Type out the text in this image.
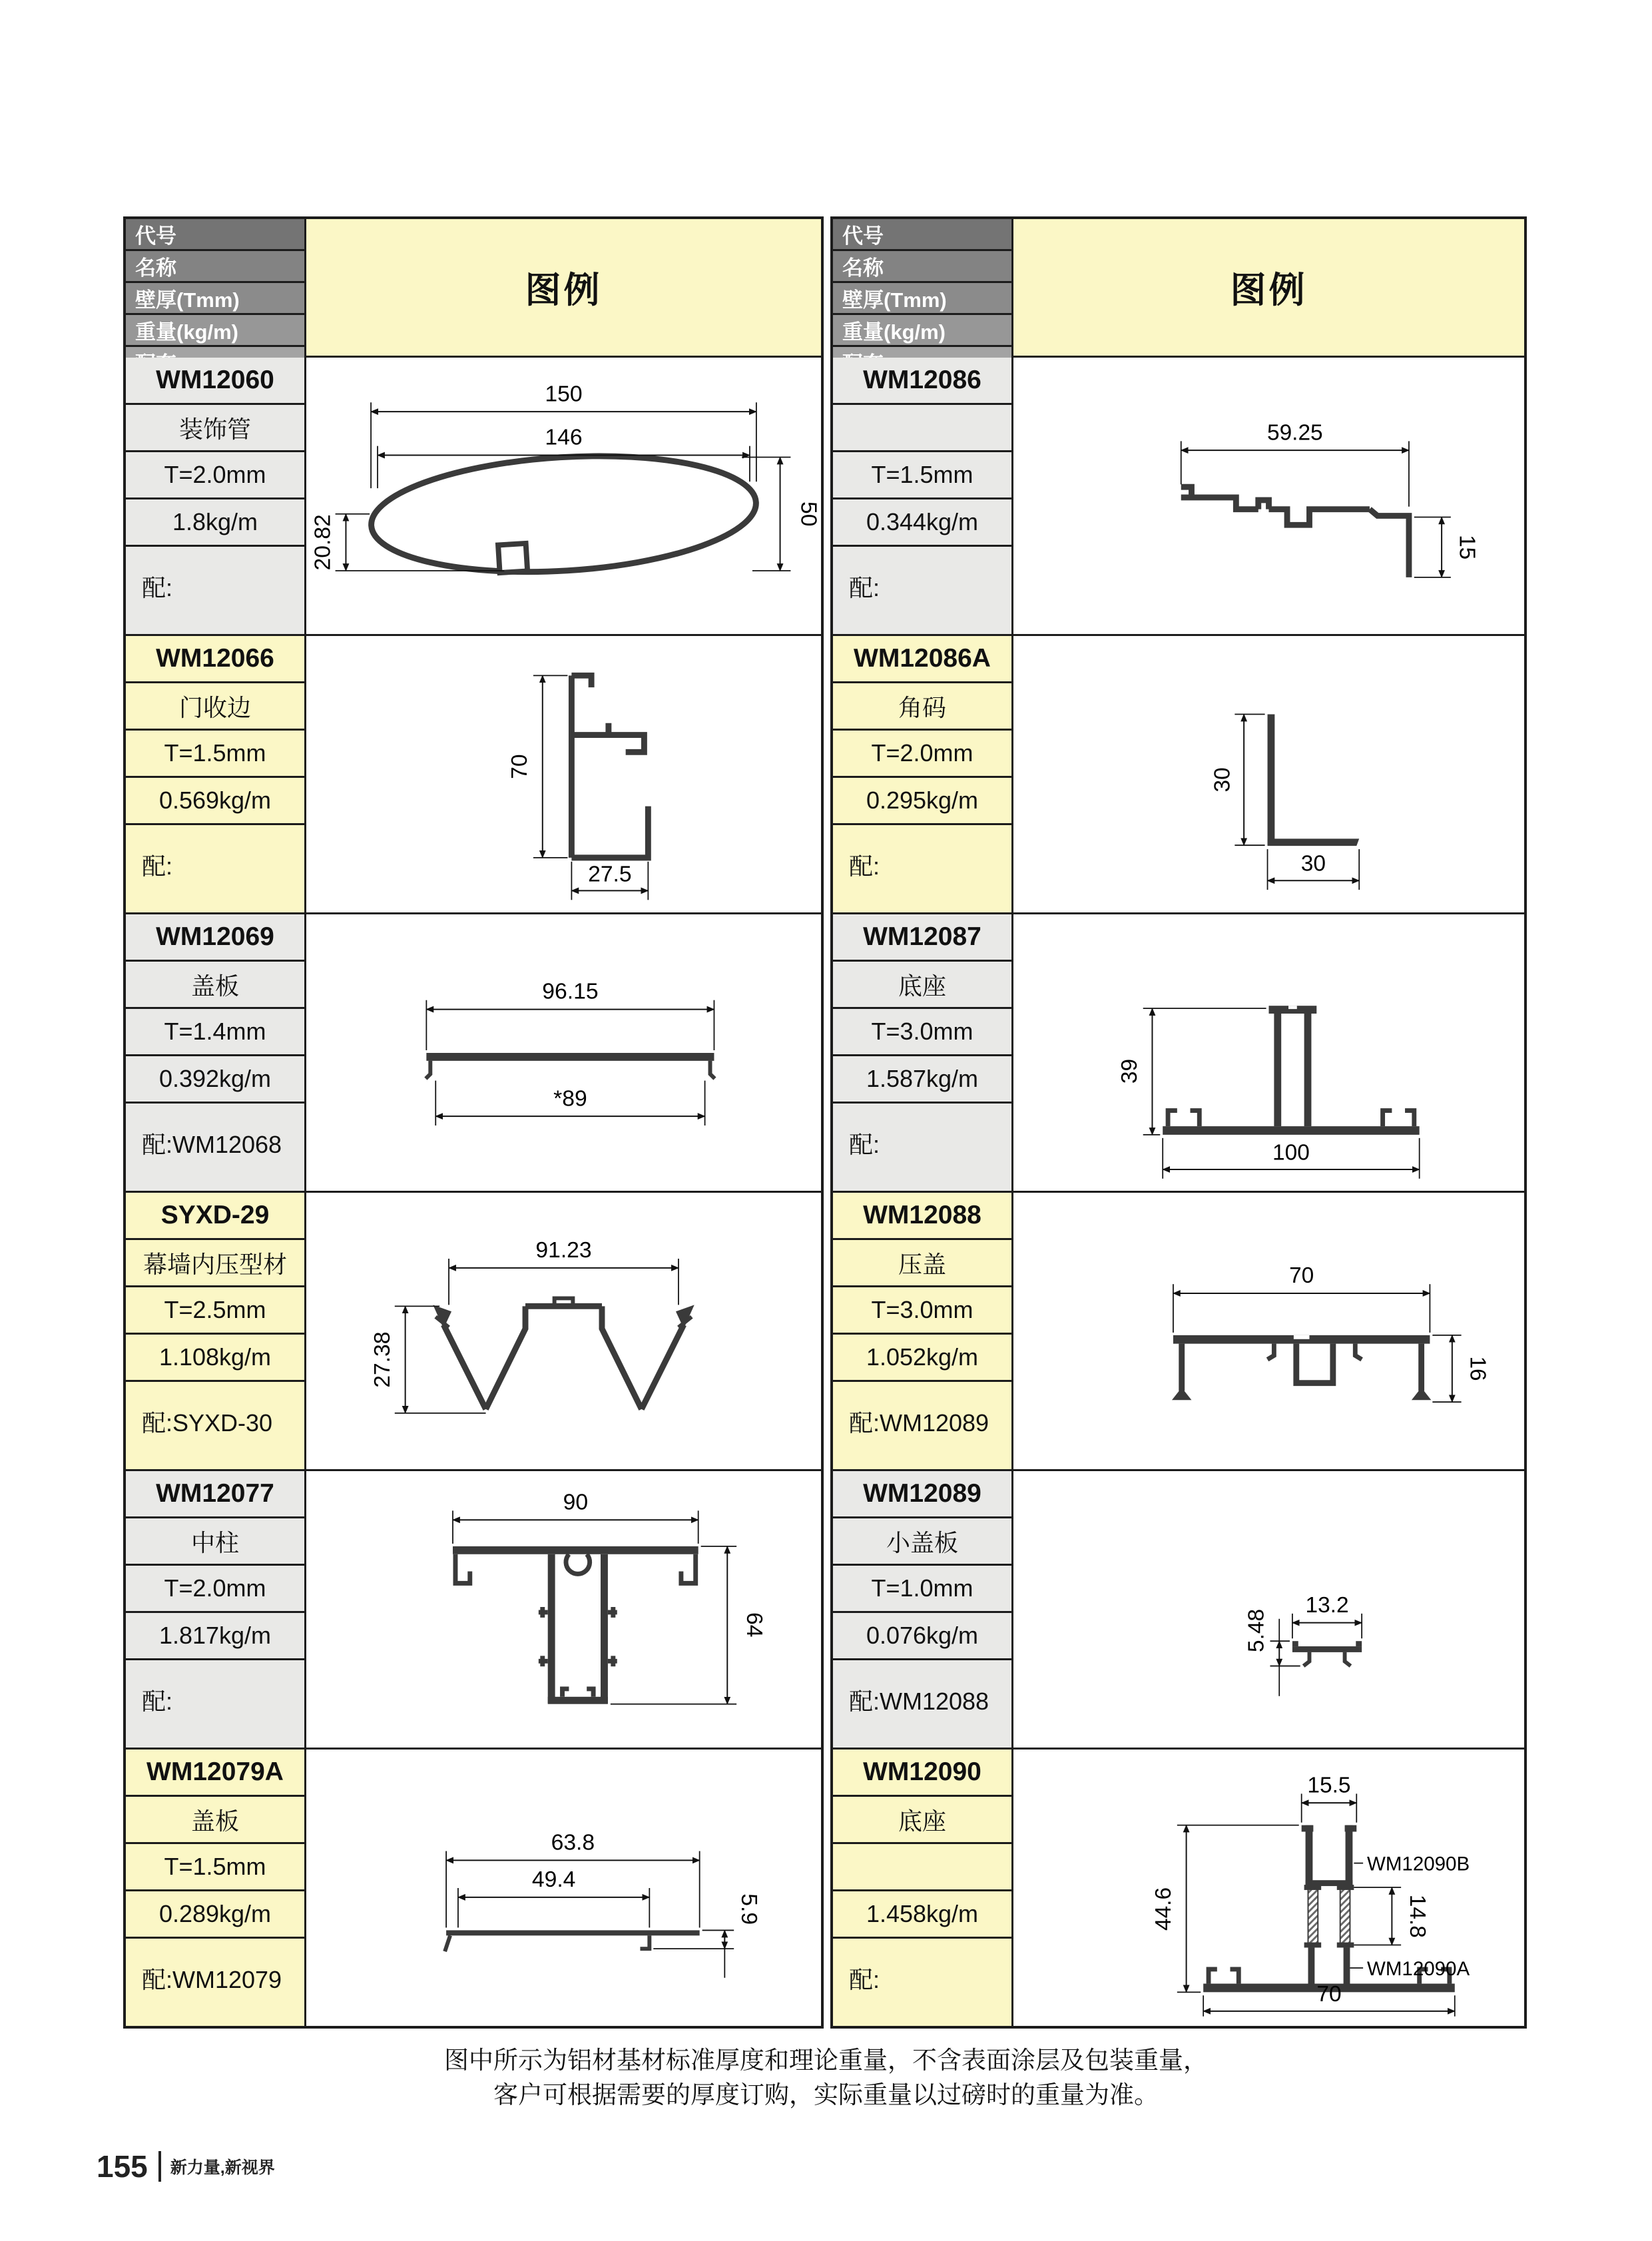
代号
名称
壁厚(Tmm)
重量(kg/m)
图例
WM12060
装饰管
T=2.0mm
1.8kg/m
配:
150
146
50
20.82
WM12066
门收边
T=1.5mm
0.569kg/m
配:
70
27.5
WM12069
盖板
T=1.4mm
0.392kg/m
配:WM12068
96.15
*89
SYXD-29
幕墙内压型材
T=2.5mm
1.108kg/m
配:SYXD-30
91.23
27.38
WM12077
中柱
T=2.0mm
1.817kg/m
配:
90
64
WM12079A
盖板
T=1.5mm
0.289kg/m
配:WM12079
63.8
49.4
5.9
代号
名称
壁厚(Tmm)
重量(kg/m)
图例
WM12086
T=1.5mm
0.344kg/m
配:
59.25
15
WM12086A
角码
T=2.0mm
0.295kg/m
配:
30
30
WM12087
底座
T=3.0mm
1.587kg/m
配:
39
100
WM12088
压盖
T=3.0mm
1.052kg/m
配:WM12089
70
16
WM12089
小盖板
T=1.0mm
0.076kg/m
配:WM12088
13.2
5.48
WM12090
底座
1.458kg/m
配:
WM12090B
WM12090A
15.5
44.6	14.8
70
图中所示为铝材基材标准厚度和理论重量，不含表面涂层及包装重量，
客户可根据需要的厚度订购，实际重量以过磅时的重量为准。
155 新力量,新视界
